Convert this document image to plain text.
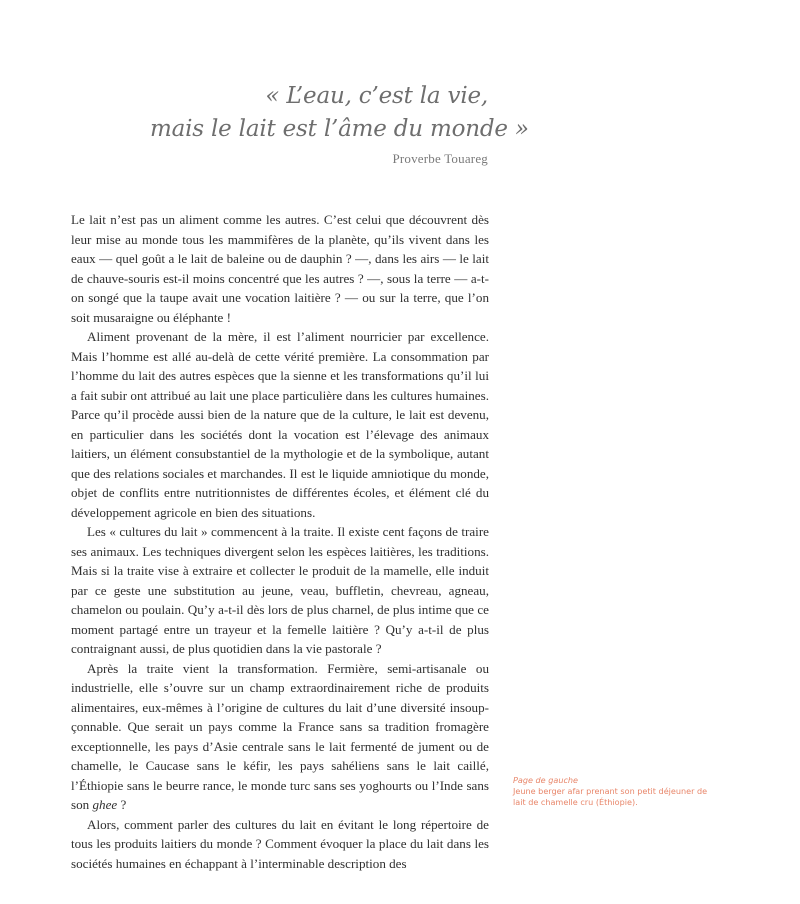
« L’eau, c’est la vie,
mais le lait est l’âme du monde »
Proverbe Touareg

Le lait n’est pas un aliment comme les autres. C’est celui que découvrent dès leur mise au monde tous les mammifères de la planète, qu’ils vivent dans les eaux — quel goût a le lait de baleine ou de dauphin ? —, dans les airs — le lait de chauve-souris est-il moins concentré que les autres ? —, sous la terre — a-t-on songé que la taupe avait une vocation laitière ? — ou sur la terre, que l’on soit musaraigne ou éléphante !

Aliment provenant de la mère, il est l’aliment nourricier par excellence. Mais l’homme est allé au-delà de cette vérité première. La consommation par l’homme du lait des autres espèces que la sienne et les transformations qu’il lui a fait subir ont attribué au lait une place particulière dans les cultures humaines. Parce qu’il procède aussi bien de la nature que de la culture, le lait est devenu, en particulier dans les sociétés dont la vocation est l’élevage des animaux laitiers, un élément consubstantiel de la mythologie et de la symbolique, autant que des relations sociales et marchandes. Il est le liquide amniotique du monde, objet de conflits entre nutritionnistes de différentes écoles, et élément clé du développement agricole en bien des situations.

Les « cultures du lait » commencent à la traite. Il existe cent façons de traire ses animaux. Les techniques divergent selon les espèces laitières, les traditions. Mais si la traite vise à extraire et collecter le produit de la mamelle, elle induit par ce geste une substitution au jeune, veau, buffletin, chevreau, agneau, chamelon ou poulain. Qu’y a-t-il dès lors de plus charnel, de plus intime que ce moment partagé entre un trayeur et la femelle laitière ? Qu’y a-t-il de plus contraignant aussi, de plus quotidien dans la vie pastorale ?

Après la traite vient la transformation. Fermière, semi-artisanale ou industrielle, elle s’ouvre sur un champ extraordinairement riche de produits alimentaires, eux-mêmes à l’origine de cultures du lait d’une diversité insoupçonnable. Que serait un pays comme la France sans sa tradition fromagère exceptionnelle, les pays d’Asie centrale sans le lait fermenté de jument ou de chamelle, le Caucase sans le kéfir, les pays sahéliens sans le lait caillé, l’Éthiopie sans le beurre rance, le monde turc sans ses yoghourts ou l’Inde sans son ghee ?

Alors, comment parler des cultures du lait en évitant le long répertoire de tous les produits laitiers du monde ? Comment évoquer la place du lait dans les sociétés humaines en échappant à l’interminable description des

Page de gauche
Jeune berger afar prenant son petit déjeuner de lait de chamelle cru (Éthiopie).
